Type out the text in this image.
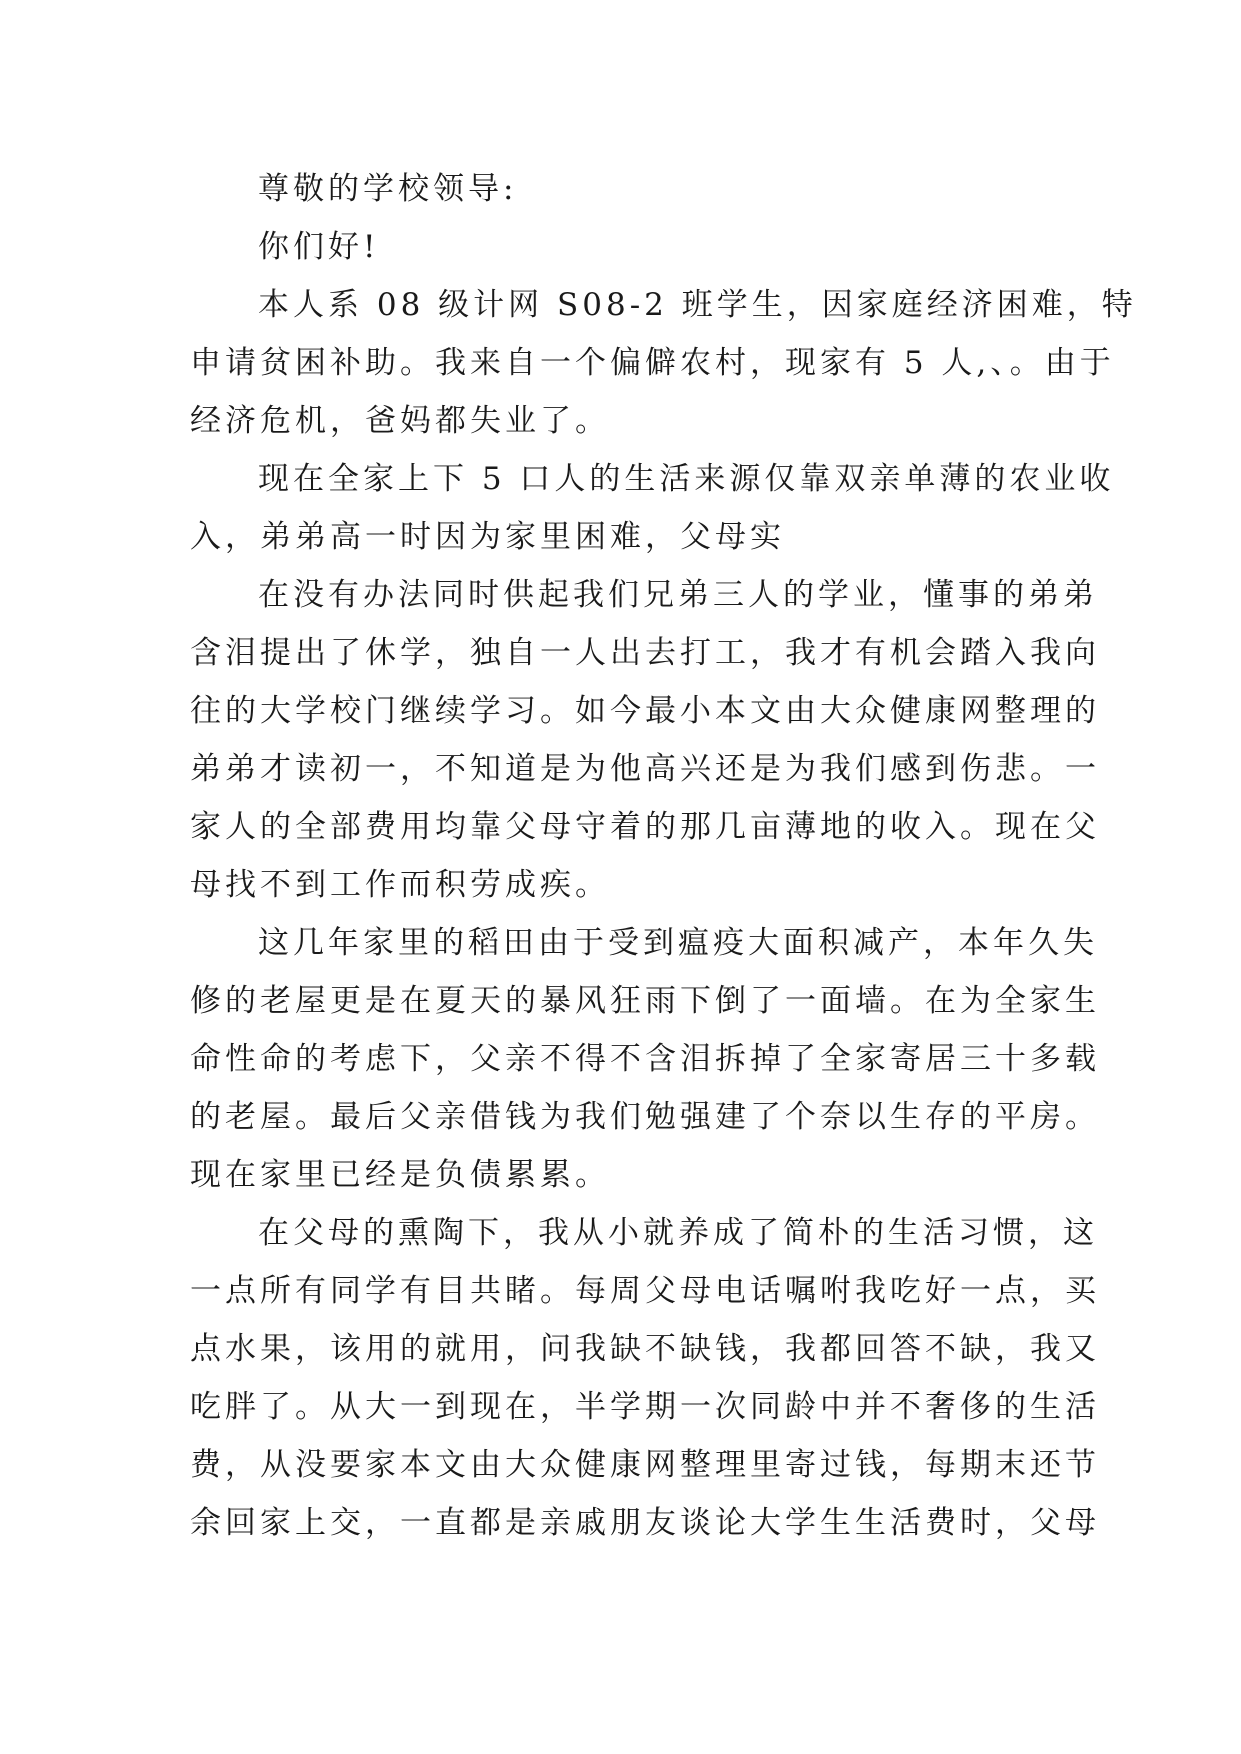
尊敬的学校领导:
你们好!
本人系 08 级计网 S08-2 班学生，因家庭经济困难，特
申请贫困补助。我来自一个偏僻农村，现家有 5 人,、。由于
经济危机，爸妈都失业了。
现在全家上下 5 口人的生活来源仅靠双亲单薄的农业收
入，弟弟高一时因为家里困难，父母实
在没有办法同时供起我们兄弟三人的学业，懂事的弟弟
含泪提出了休学，独自一人出去打工，我才有机会踏入我向
往的大学校门继续学习。如今最小本文由大众健康网整理的
弟弟才读初一，不知道是为他高兴还是为我们感到伤悲。一
家人的全部费用均靠父母守着的那几亩薄地的收入。现在父
母找不到工作而积劳成疾。
这几年家里的稻田由于受到瘟疫大面积减产，本年久失
修的老屋更是在夏天的暴风狂雨下倒了一面墙。在为全家生
命性命的考虑下，父亲不得不含泪拆掉了全家寄居三十多载
的老屋。最后父亲借钱为我们勉强建了个奈以生存的平房。
现在家里已经是负债累累。
在父母的熏陶下，我从小就养成了简朴的生活习惯，这
一点所有同学有目共睹。每周父母电话嘱咐我吃好一点，买
点水果，该用的就用，问我缺不缺钱，我都回答不缺，我又
吃胖了。从大一到现在，半学期一次同龄中并不奢侈的生活
费，从没要家本文由大众健康网整理里寄过钱，每期末还节
余回家上交，一直都是亲戚朋友谈论大学生生活费时，父母
